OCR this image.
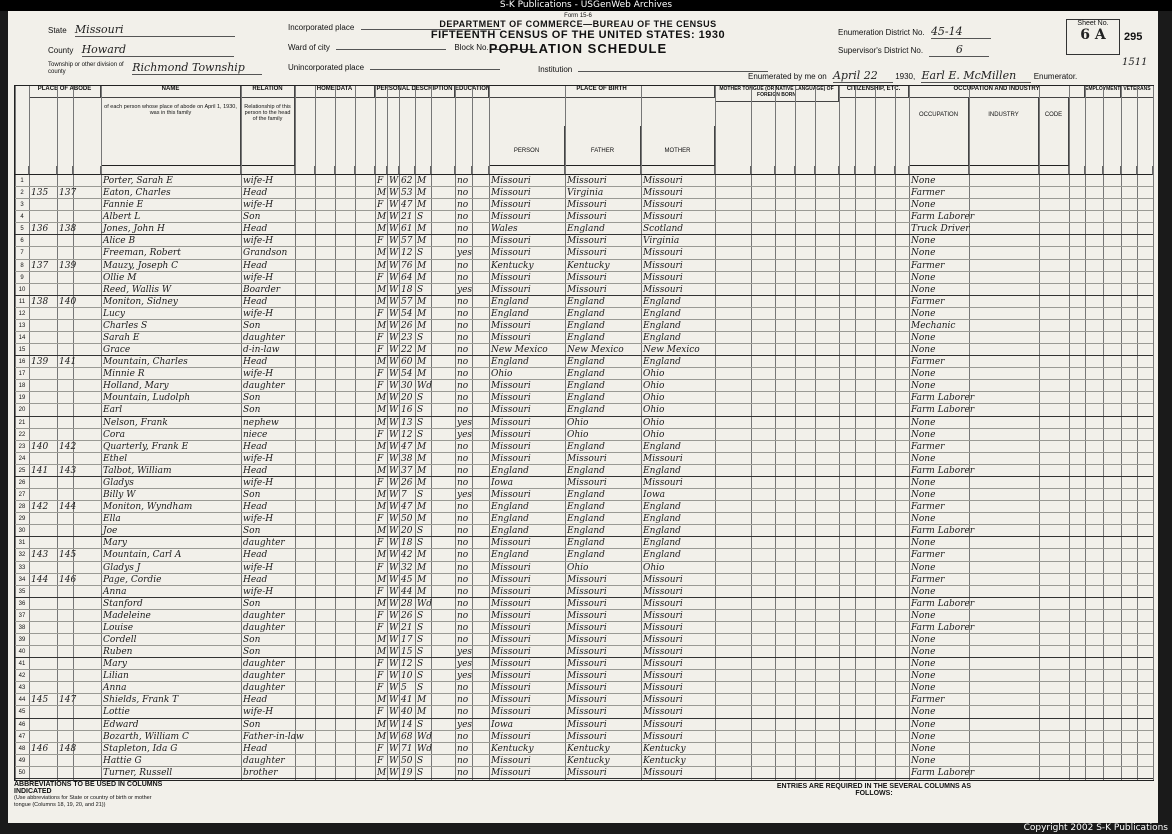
S-K Publications - USGenWeb Archives
State Missouri
County Howard
Township or other division of county	Richmond Township
Incorporated place
Ward of city	Block No.
Unincorporated place	Institution
Form 15-6
DEPARTMENT OF COMMERCE—BUREAU OF THE CENSUS
FIFTEENTH CENSUS OF THE UNITED STATES: 1930
POPULATION SCHEDULE
Enumeration District No. 45-14
Supervisor's District No.	6
Enumerated by me on April 22 1930, Earl E. McMillen Enumerator.
Sheet No.
6 A	295
1511
PLACE OF ABODE	NAME	RELATION	HOME DATA	PERSONAL DESCRIPTION EDUCATION	PLACE OF BIRTH	MOTHER TONGUE (OR NATIVE LANGUAGE) OF FOREIGN BORN
CITIZENSHIP, ETC.	OCCUPATION AND INDUSTRY	EMPLOYMENT VETERANS
of each person whose place of abode on April 1, 1930, was in this family
Relationship of this person to the head of the family
PERSON	FATHER	MOTHER
OCCUPATION	INDUSTRY	CODE
1	Porter, Sarah E	wife-H	F W 62 M	no	Missouri	Missouri	Missouri	None
2 135	137	Eaton, Charles	Head	M W 53 M	no	Missouri	Virginia	Missouri	Farmer
3	Fannie E	wife-H	F W 47 M	no	Missouri	Missouri	Missouri	None
4	Albert L	Son	M W 21 S	no	Missouri	Missouri	Missouri	Farm Laborer
5 136	138	Jones, John H	Head	M W 61 M	no	Wales	England	Scotland	Truck Driver
6	Alice B	wife-H	F W 57 M	no	Missouri	Missouri	Virginia	None
7	Freeman, Robert	Grandson	M W 12 S	yes Missouri	Missouri	Missouri	None
8 137	139	Mauzy, Joseph C	Head	M W 76 M	no	Kentucky	Kentucky	Missouri	Farmer
9	Ollie M	wife-H	F W 64 M	no	Missouri	Missouri	Missouri	None
10	Reed, Wallis W	Boarder	M W 18 S	yes Missouri	Missouri	Missouri	None
11 138	140	Moniton, Sidney	Head	M W 57 M	no	England	England	England	Farmer
12	Lucy	wife-H	F W 54 M	no	England	England	England	None
13	Charles S	Son	M W 26 M	no	Missouri	England	England	Mechanic
14	Sarah E	daughter	F W 23 S	no	Missouri	England	England	None
15	Grace	d-in-law	F W 22 M	no	New Mexico	New Mexico	New Mexico	None
16 139	141	Mountain, Charles	Head	M W 60 M	no	England	England	England	Farmer
17	Minnie R	wife-H	F W 54 M	no	Ohio	England	Ohio	None
18	Holland, Mary	daughter	F W 30 Wd	no	Missouri	England	Ohio	None
19	Mountain, Ludolph	Son	M W 20 S	no	Missouri	England	Ohio	Farm Laborer
20	Earl	Son	M W 16 S	no	Missouri	England	Ohio	Farm Laborer
21	Nelson, Frank	nephew	M W 13 S	yes Missouri	Ohio	Ohio	None
22	Cora	niece	F W 12 S	yes Missouri	Ohio	Ohio	None
23 140	142	Quarterly, Frank E	Head	M W 47 M	no	Missouri	England	England	Farmer
24	Ethel	wife-H	F W 38 M	no	Missouri	Missouri	Missouri	None
25 141	143	Talbot, William	Head	M W 37 M	no	England	England	England	Farm Laborer
26	Gladys	wife-H	F W 26 M	no	Iowa	Missouri	Missouri	None
27	Billy W	Son	M W 7	S	yes Missouri	England	Iowa	None
28 142	144	Moniton, Wyndham	Head	M W 47 M	no	England	England	England	Farmer
29	Ella	wife-H	F W 50 M	no	England	England	England	None
30	Joe	Son	M W 20 S	no	England	England	England	Farm Laborer
31	Mary	daughter	F W 18 S	no	Missouri	England	England	None
32 143	145	Mountain, Carl A	Head	M W 42 M	no	England	England	England	Farmer
33	Gladys J	wife-H	F W 32 M	no	Missouri	Ohio	Ohio	None
34 144	146	Page, Cordie	Head	M W 45 M	no	Missouri	Missouri	Missouri	Farmer
35	Anna	wife-H	F W 44 M	no	Missouri	Missouri	Missouri	None
36	Stanford	Son	M W 28 Wd	no	Missouri	Missouri	Missouri	Farm Laborer
37	Madeleine	daughter	F W 26 S	no	Missouri	Missouri	Missouri	None
38	Louise	daughter	F W 21 S	no	Missouri	Missouri	Missouri	Farm Laborer
39	Cordell	Son	M W 17 S	no	Missouri	Missouri	Missouri	None
40	Ruben	Son	M W 15 S	yes Missouri	Missouri	Missouri	None
41	Mary	daughter	F W 12 S	yes Missouri	Missouri	Missouri	None
42	Lilian	daughter	F W 10 S	yes Missouri	Missouri	Missouri	None
43	Anna	daughter	F W 5	S	no	Missouri	Missouri	Missouri	None
44 145	147	Shields, Frank T	Head	M W 41 M	no	Missouri	Missouri	Missouri	Farmer
45	Lottie	wife-H	F W 40 M	no	Missouri	Missouri	Missouri	None
46	Edward	Son	M W 14 S	yes Iowa	Missouri	Missouri	None
47	Bozarth, William C	Father-in-law	M W 68 Wd	no	Missouri	Missouri	Missouri	None
48 146	148	Stapleton, Ida G	Head	F W 71 Wd	no	Kentucky	Kentucky	Kentucky	None
49	Hattie G	daughter	F W 50 S	no	Missouri	Kentucky	Kentucky	None
50	Turner, Russell	brother	M W 19 S	no	Missouri	Missouri	Missouri	Farm Laborer
ABBREVIATIONS TO BE USED IN COLUMNS INDICATED
(Use abbreviations for State or country of birth or mother tongue (Columns 18, 19, 20, and 21))
ENTRIES ARE REQUIRED IN THE SEVERAL COLUMNS AS FOLLOWS:
Copyright 2002 S-K Publications
